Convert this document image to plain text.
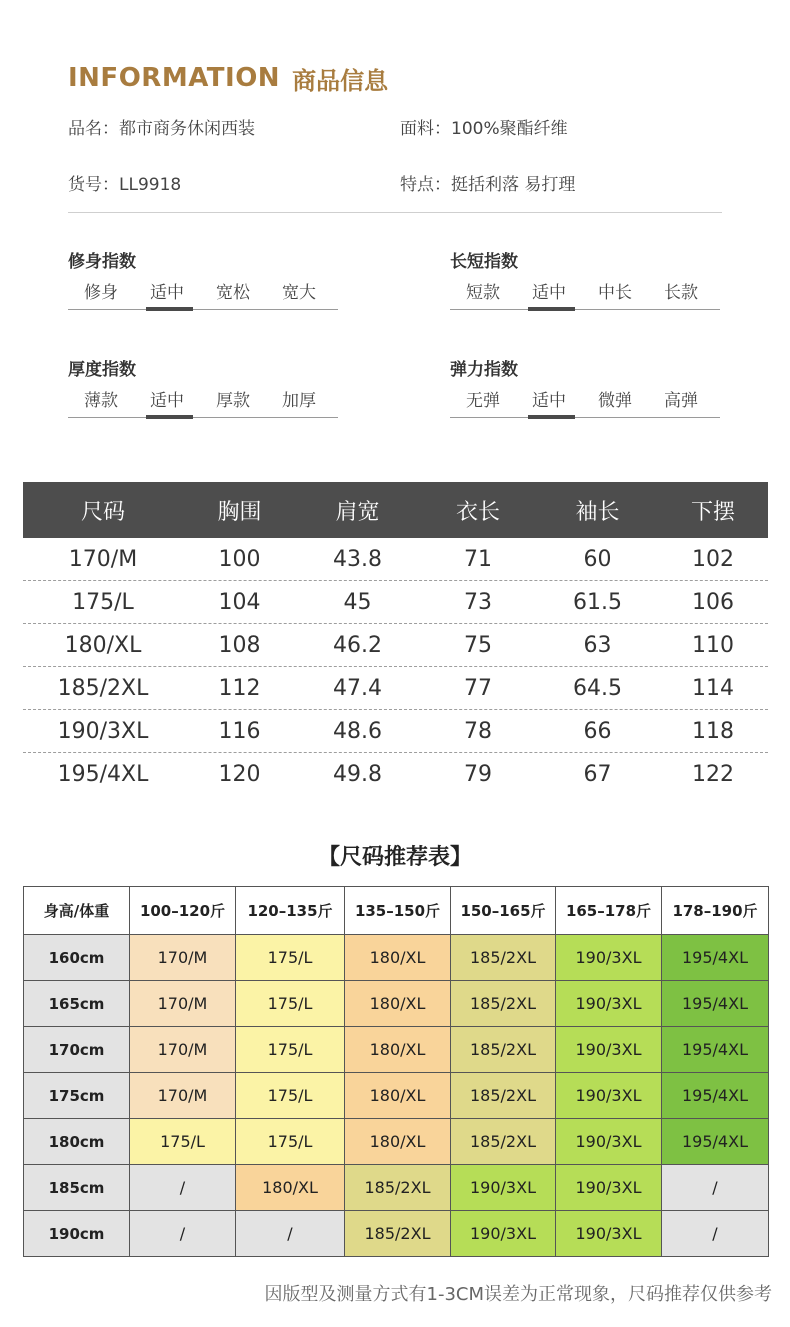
INFORMATION 商品信息
品名：都市商务休闲西装	面料：100%聚酯纤维
货号：LL9918	特点：挺括利落 易打理
修身指数
修身	适中	宽松	宽大
长短指数
短款	适中	中长	长款
厚度指数
薄款	适中	厚款	加厚
弹力指数
无弹	适中	微弹	高弹
尺码	胸围	肩宽	衣长	袖长	下摆
170/M	100	43.8	71	60	102
175/L	104	45	73	61.5	106
180/XL	108	46.2	75	63	110
185/2XL	112	47.4	77	64.5	114
190/3XL	116	48.6	78	66	118
195/4XL	120	49.8	79	67	122
【尺码推荐表】
身高/体重	100–120斤	120–135斤	135–150斤	150–165斤	165–178斤	178–190斤
160cm	170/M	175/L	180/XL	185/2XL	190/3XL	195/4XL
165cm	170/M	175/L	180/XL	185/2XL	190/3XL	195/4XL
170cm	170/M	175/L	180/XL	185/2XL	190/3XL	195/4XL
175cm	170/M	175/L	180/XL	185/2XL	190/3XL	195/4XL
180cm	175/L	175/L	180/XL	185/2XL	190/3XL	195/4XL
185cm	/	180/XL	185/2XL	190/3XL	190/3XL	/
190cm	/	/	185/2XL	190/3XL	190/3XL	/
因版型及测量方式有1-3CM误差为正常现象，尺码推荐仅供参考
